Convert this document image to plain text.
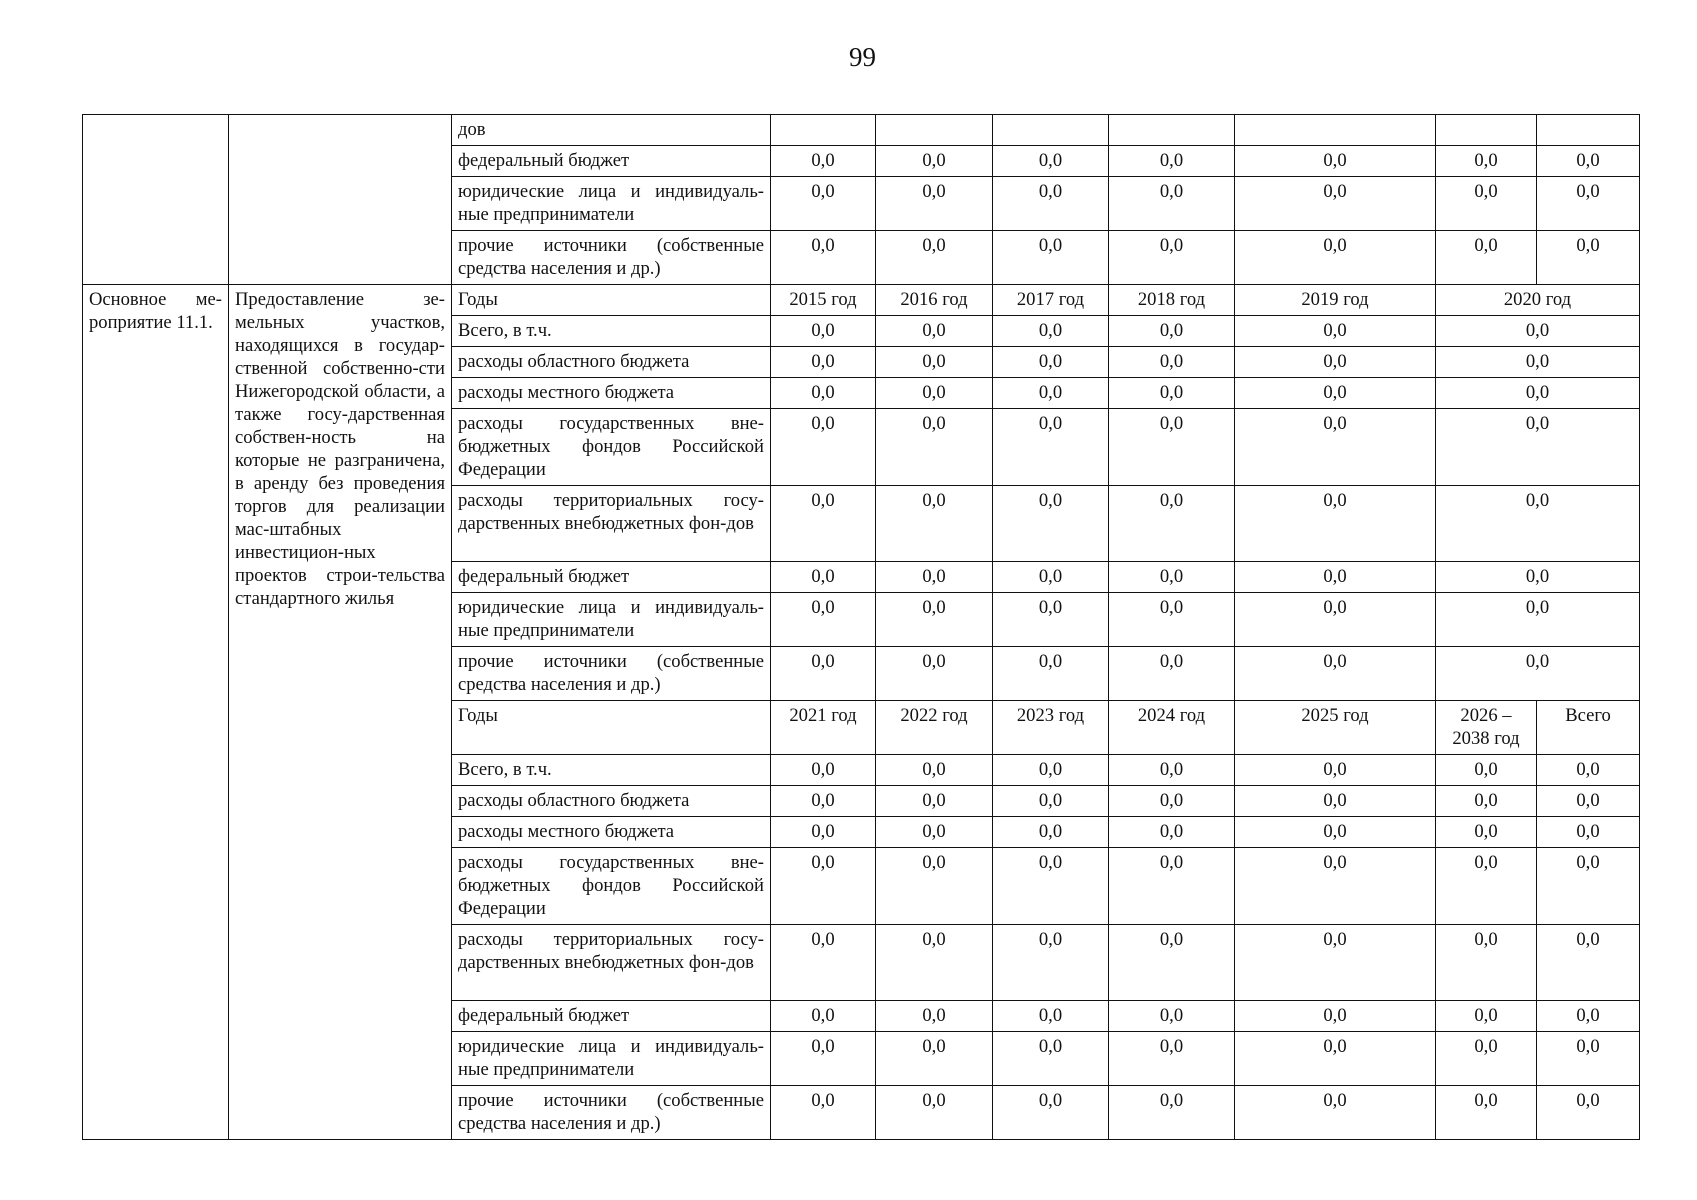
99
		дов							
		федеральный бюджет	0,0	0,0	0,0	0,0	0,0	0,0	0,0
		юридические лица и индивидуаль-ные предприниматели	0,0	0,0	0,0	0,0	0,0	0,0	0,0
		прочие источники (собственные средства населения и др.)	0,0	0,0	0,0	0,0	0,0	0,0	0,0
Основное ме-роприятие 11.1.	Предоставление зе-мельных участков, находящихся в государ-ственной собственно-сти Нижегородской области, а также госу-дарственная собствен-ность на которые не разграничена, в аренду без проведения торгов для реализации мас-штабных инвестицион-ных проектов строи-тельства стандартного жилья	Годы	2015 год	2016 год	2017 год	2018 год	2019 год	2020 год	
		Всего, в т.ч.	0,0	0,0	0,0	0,0	0,0	0,0	
		расходы областного бюджета	0,0	0,0	0,0	0,0	0,0	0,0	
		расходы местного бюджета	0,0	0,0	0,0	0,0	0,0	0,0	
		расходы государственных вне-бюджетных фондов Российской Федерации	0,0	0,0	0,0	0,0	0,0	0,0	
		расходы территориальных госу-дарственных внебюджетных фон-дов	0,0	0,0	0,0	0,0	0,0	0,0	
		федеральный бюджет	0,0	0,0	0,0	0,0	0,0	0,0	
		юридические лица и индивидуаль-ные предприниматели	0,0	0,0	0,0	0,0	0,0	0,0	
		прочие источники (собственные средства населения и др.)	0,0	0,0	0,0	0,0	0,0	0,0	
		Годы	2021 год	2022 год	2023 год	2024 год	2025 год	2026 – 2038 год	Всего
		Всего, в т.ч.	0,0	0,0	0,0	0,0	0,0	0,0	0,0
		расходы областного бюджета	0,0	0,0	0,0	0,0	0,0	0,0	0,0
		расходы местного бюджета	0,0	0,0	0,0	0,0	0,0	0,0	0,0
		расходы государственных вне-бюджетных фондов Российской Федерации	0,0	0,0	0,0	0,0	0,0	0,0	0,0
		расходы территориальных госу-дарственных внебюджетных фон-дов	0,0	0,0	0,0	0,0	0,0	0,0	0,0
		федеральный бюджет	0,0	0,0	0,0	0,0	0,0	0,0	0,0
		юридические лица и индивидуаль-ные предприниматели	0,0	0,0	0,0	0,0	0,0	0,0	0,0
		прочие источники (собственные средства населения и др.)	0,0	0,0	0,0	0,0	0,0	0,0	0,0
